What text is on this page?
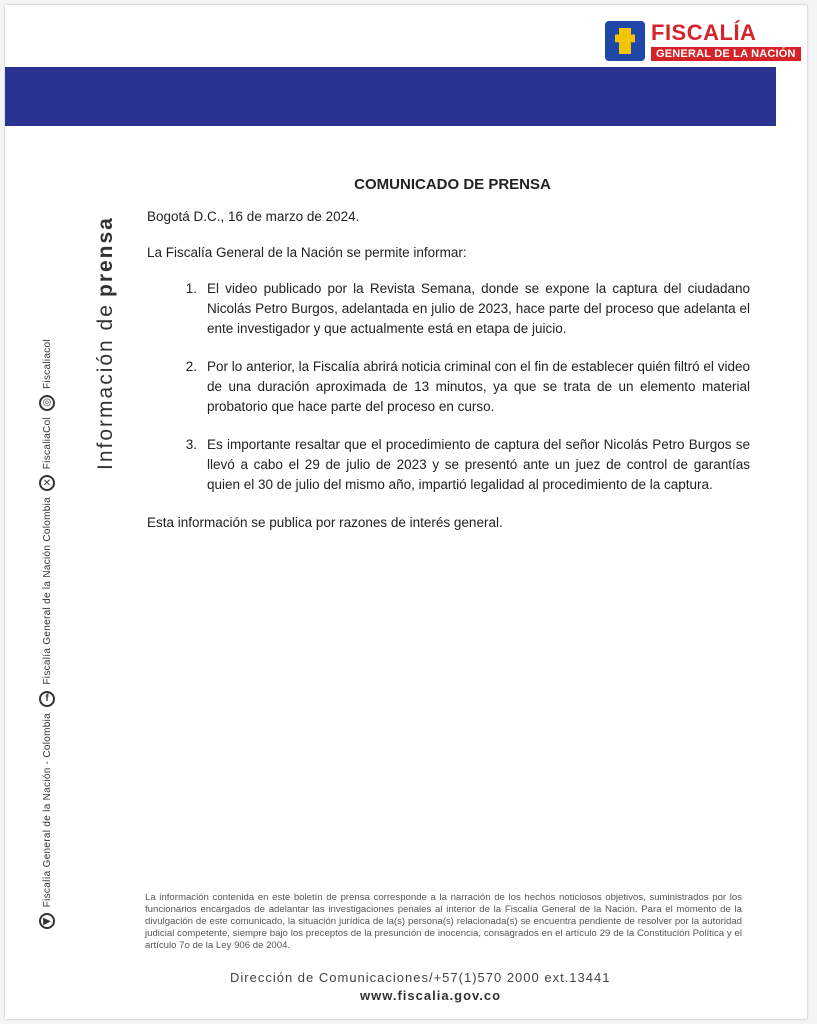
FISCALÍA
GENERAL DE LA NACIÓN
Información de
prensa
▶
Fiscalía General de la Nación - Colombia
f
Fiscalía General de la Nación Colombia
✕
FiscaliaCol
◎
Fiscaliacol
COMUNICADO DE PRENSA
Bogotá D.C., 16 de marzo de 2024.
La Fiscalía General de la Nación se permite informar:
1. El video publicado por la Revista Semana, donde se expone la captura del ciudadano Nicolás Petro Burgos, adelantada en julio de 2023, hace parte del proceso que adelanta el ente investigador y que actualmente está en etapa de juicio.
2. Por lo anterior, la Fiscalía abrirá noticia criminal con el fin de establecer quién filtró el video de una duración aproximada de 13 minutos, ya que se trata de un elemento material probatorio que hace parte del proceso en curso.
3. Es importante resaltar que el procedimiento de captura del señor Nicolás Petro Burgos se llevó a cabo el 29 de julio de 2023 y se presentó ante un juez de control de garantías quien el 30 de julio del mismo año, impartió legalidad al procedimiento de la captura.
Esta información se publica por razones de interés general.
La información contenida en este boletín de prensa corresponde a la narración de los hechos noticiosos objetivos, suministrados por los funcionarios encargados de adelantar las investigaciones penales al interior de la Fiscalía General de la Nación. Para el momento de la divulgación de este comunicado, la situación jurídica de la(s) persona(s) relacionada(s) se encuentra pendiente de resolver por la autoridad judicial competente, siempre bajo los preceptos de la presunción de inocencia, consagrados en el artículo 29 de la Constitución Política y el artículo 7o de la Ley 906 de 2004.
Dirección de Comunicaciones/+57(1)570 2000 ext.13441
www.fiscalia.gov.co
